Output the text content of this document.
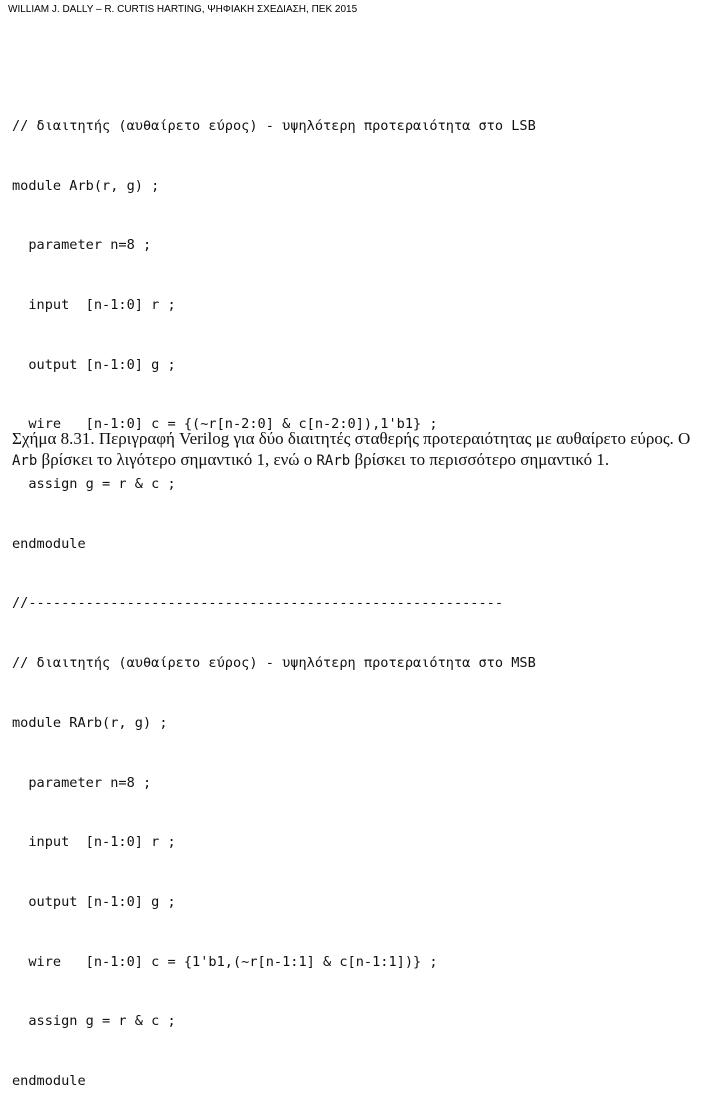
WILLIAM J. DALLY – R. CURTIS HARTING, ΨΗΦΙΑΚΗ ΣΧΕΔΙΑΣΗ, ΠΕΚ 2015

// διαιτητής (αυθαίρετο εύρος) - υψηλότερη προτεραιότητα στο LSB

module Arb(r, g) ;

parameter n=8 ;

input  [n-1:0] r ;

output [n-1:0] g ;

wire   [n-1:0] c = {(~r[n-2:0] & c[n-2:0]),1'b1} ;

assign g = r & c ;

endmodule

//----------------------------------------------------------

// διαιτητής (αυθαίρετο εύρος) - υψηλότερη προτεραιότητα στο MSB

module RArb(r, g) ;

parameter n=8 ;

input  [n-1:0] r ;

output [n-1:0] g ;

wire   [n-1:0] c = {1'b1,(~r[n-1:1] & c[n-1:1])} ;

assign g = r & c ;

endmodule

Σχήμα 8.31. Περιγραφή Verilog για δύο διαιτητές σταθερής προτεραιότητας με αυθαίρετο εύρος. Ο Arb βρίσκει το λιγότερο σημαντικό 1, ενώ ο RArb βρίσκει το περισσότερο σημαντικό 1.
